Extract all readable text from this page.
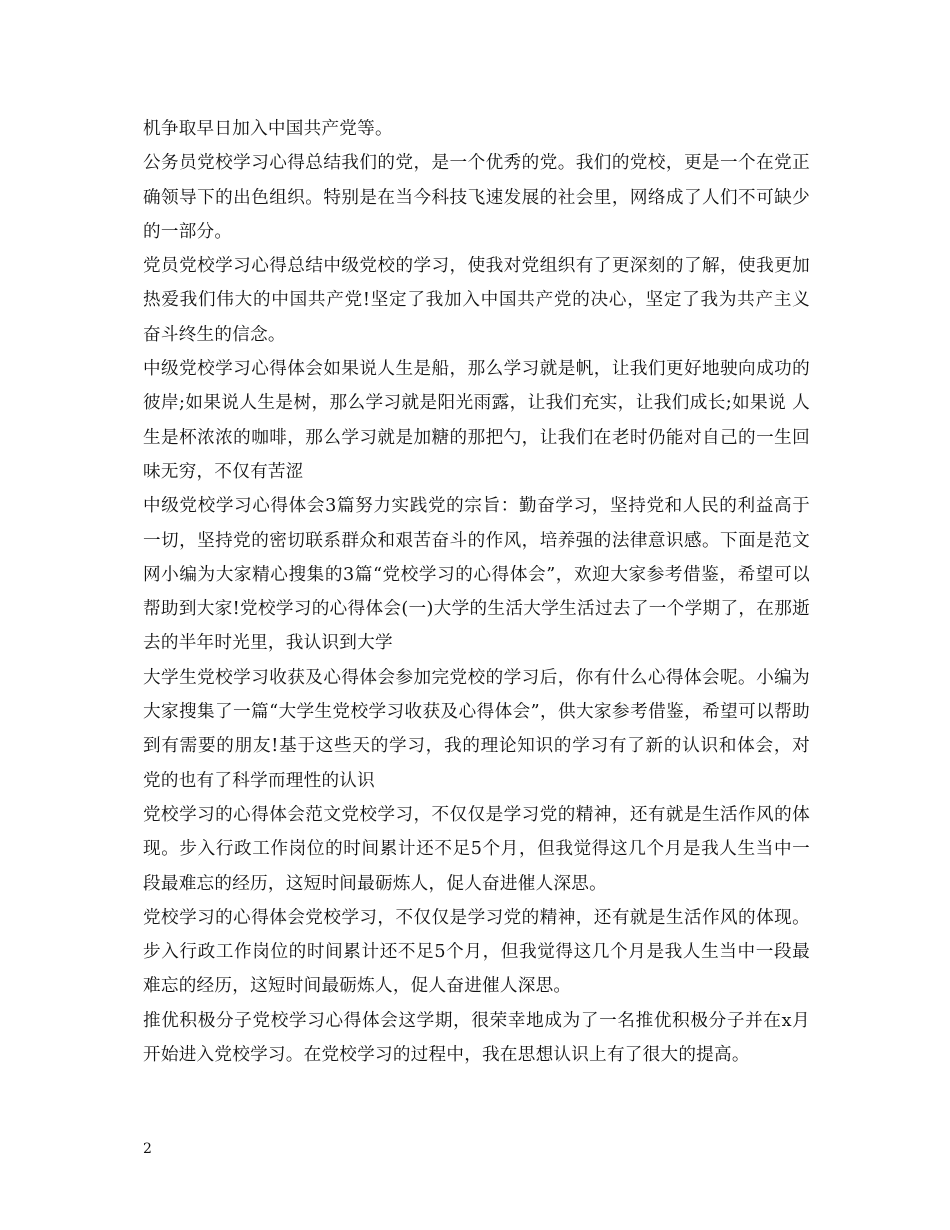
机争取早日加入中国共产党等。

公务员党校学习心得总结我们的党，是一个优秀的党。我们的党校，更是一个在党正确领导下的出色组织。特别是在当今科技飞速发展的社会里，网络成了人们不可缺少的一部分。

党员党校学习心得总结中级党校的学习，使我对党组织有了更深刻的了解，使我更加热爱我们伟大的中国共产党!坚定了我加入中国共产党的决心，坚定了我为共产主义奋斗终生的信念。

中级党校学习心得体会如果说人生是船，那么学习就是帆，让我们更好地驶向成功的彼岸;如果说人生是树，那么学习就是阳光雨露，让我们充实，让我们成长;如果说 人生是杯浓浓的咖啡，那么学习就是加糖的那把勺，让我们在老时仍能对自己的一生回味无穷，不仅有苦涩

中级党校学习心得体会3篇努力实践党的宗旨：勤奋学习，坚持党和人民的利益高于一切，坚持党的密切联系群众和艰苦奋斗的作风，培养强的法律意识感。下面是范文网小编为大家精心搜集的3篇“党校学习的心得体会”，欢迎大家参考借鉴，希望可以帮助到大家!党校学习的心得体会(一)大学的生活大学生活过去了一个学期了，在那逝去的半年时光里，我认识到大学

大学生党校学习收获及心得体会参加完党校的学习后，你有什么心得体会呢。小编为大家搜集了一篇“大学生党校学习收获及心得体会”，供大家参考借鉴，希望可以帮助到有需要的朋友!基于这些天的学习，我的理论知识的学习有了新的认识和体会，对党的也有了科学而理性的认识

党校学习的心得体会范文党校学习，不仅仅是学习党的精神，还有就是生活作风的体现。步入行政工作岗位的时间累计还不足5个月，但我觉得这几个月是我人生当中一段最难忘的经历，这短时间最砺炼人，促人奋进催人深思。

党校学习的心得体会党校学习，不仅仅是学习党的精神，还有就是生活作风的体现。步入行政工作岗位的时间累计还不足5个月，但我觉得这几个月是我人生当中一段最难忘的经历，这短时间最砺炼人，促人奋进催人深思。

推优积极分子党校学习心得体会这学期，很荣幸地成为了一名推优积极分子并在x月开始进入党校学习。在党校学习的过程中，我在思想认识上有了很大的提高。

2
